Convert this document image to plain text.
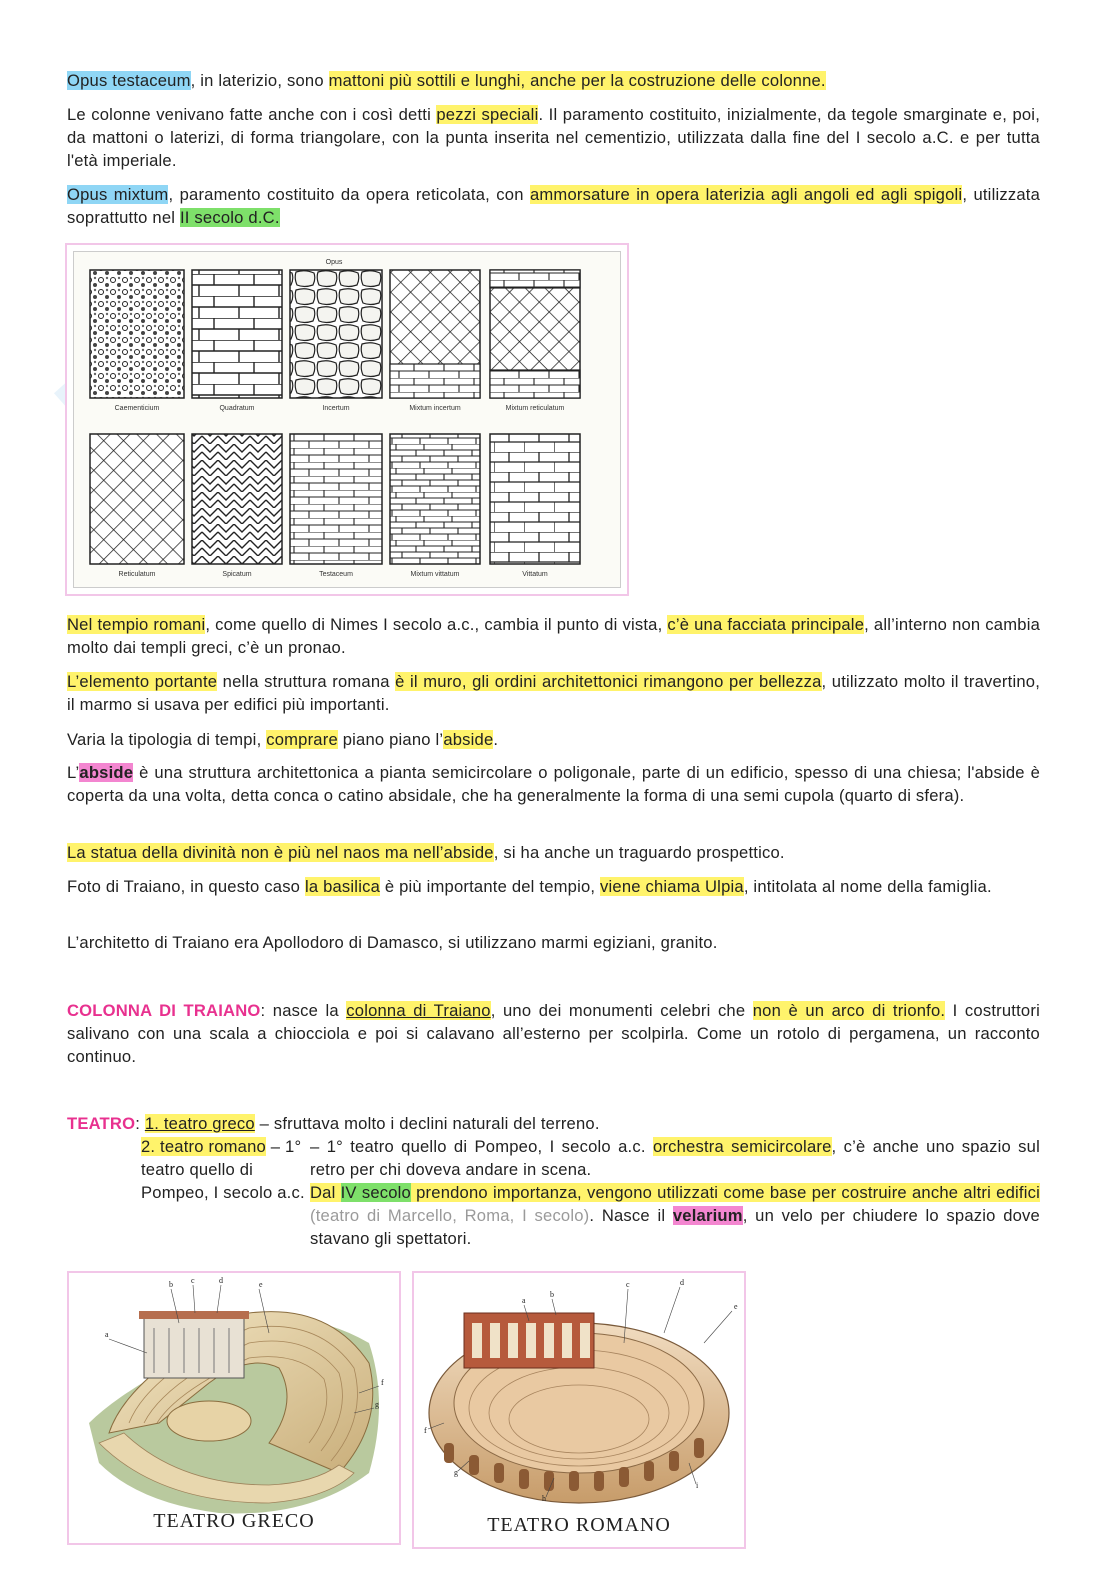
Opus testaceum, in laterizio, sono mattoni più sottili e lunghi, anche per la costruzione delle colonne.
Le colonne venivano fatte anche con i così detti pezzi speciali. Il paramento costituito, inizialmente, da tegole smarginate e, poi, da mattoni o laterizi, di forma triangolare, con la punta inserita nel cementizio, utilizzata dalla fine del I secolo a.C. e per tutta l'età imperiale.
Opus mixtum, paramento costituito da opera reticolata, con ammorsature in opera laterizia agli angoli ed agli spigoli, utilizzata soprattutto nel II secolo d.C.
Opus
Caementicium	Quadratum	Incertum	Mixtum incertum	Mixtum reticulatum
Reticulatum	Spicatum	Testaceum	Mixtum vittatum	Vittatum
Nel tempio romani, come quello di Nimes I secolo a.c., cambia il punto di vista, c’è una facciata principale, all’interno non cambia molto dai templi greci, c’è un pronao.
L’elemento portante nella struttura romana è il muro, gli ordini architettonici rimangono per bellezza, utilizzato molto il travertino, il marmo si usava per edifici più importanti.
Varia la tipologia di tempi, comprare piano piano l’abside.
L’abside è una struttura architettonica a pianta semicircolare o poligonale, parte di un edificio, spesso di una chiesa; l'abside è coperta da una volta, detta conca o catino absidale, che ha generalmente la forma di una semi cupola (quarto di sfera).
La statua della divinità non è più nel naos ma nell’abside, si ha anche un traguardo prospettico.
Foto di Traiano, in questo caso la basilica è più importante del tempio, viene chiama Ulpia, intitolata al nome della famiglia.
L’architetto di Traiano era Apollodoro di Damasco, si utilizzano marmi egiziani, granito.
COLONNA DI TRAIANO: nasce la colonna di Traiano, uno dei monumenti celebri che non è un arco di trionfo. I costruttori salivano con una scala a chiocciola e poi si calavano all’esterno per scolpirla. Come un rotolo di pergamena, un racconto continuo.
TEATRO: 1. teatro greco – sfruttava molto i declini naturali del terreno.
2. teatro romano – 1° teatro quello di Pompeo, I secolo a.c.
– 1° teatro quello di Pompeo, I secolo a.c. orchestra semicircolare, c’è anche uno spazio sul retro per chi doveva andare in scena.
Dal IV secolo prendono importanza, vengono utilizzati come base per costruire anche altri edifici (teatro di Marcello, Roma, I secolo). Nasce il velarium, un velo per chiudere lo spazio dove stavano gli spettatori.
b c	d	e
a
f
g
TEATRO GRECO
a
b
c	d
e
f
g
h
i
TEATRO ROMANO
